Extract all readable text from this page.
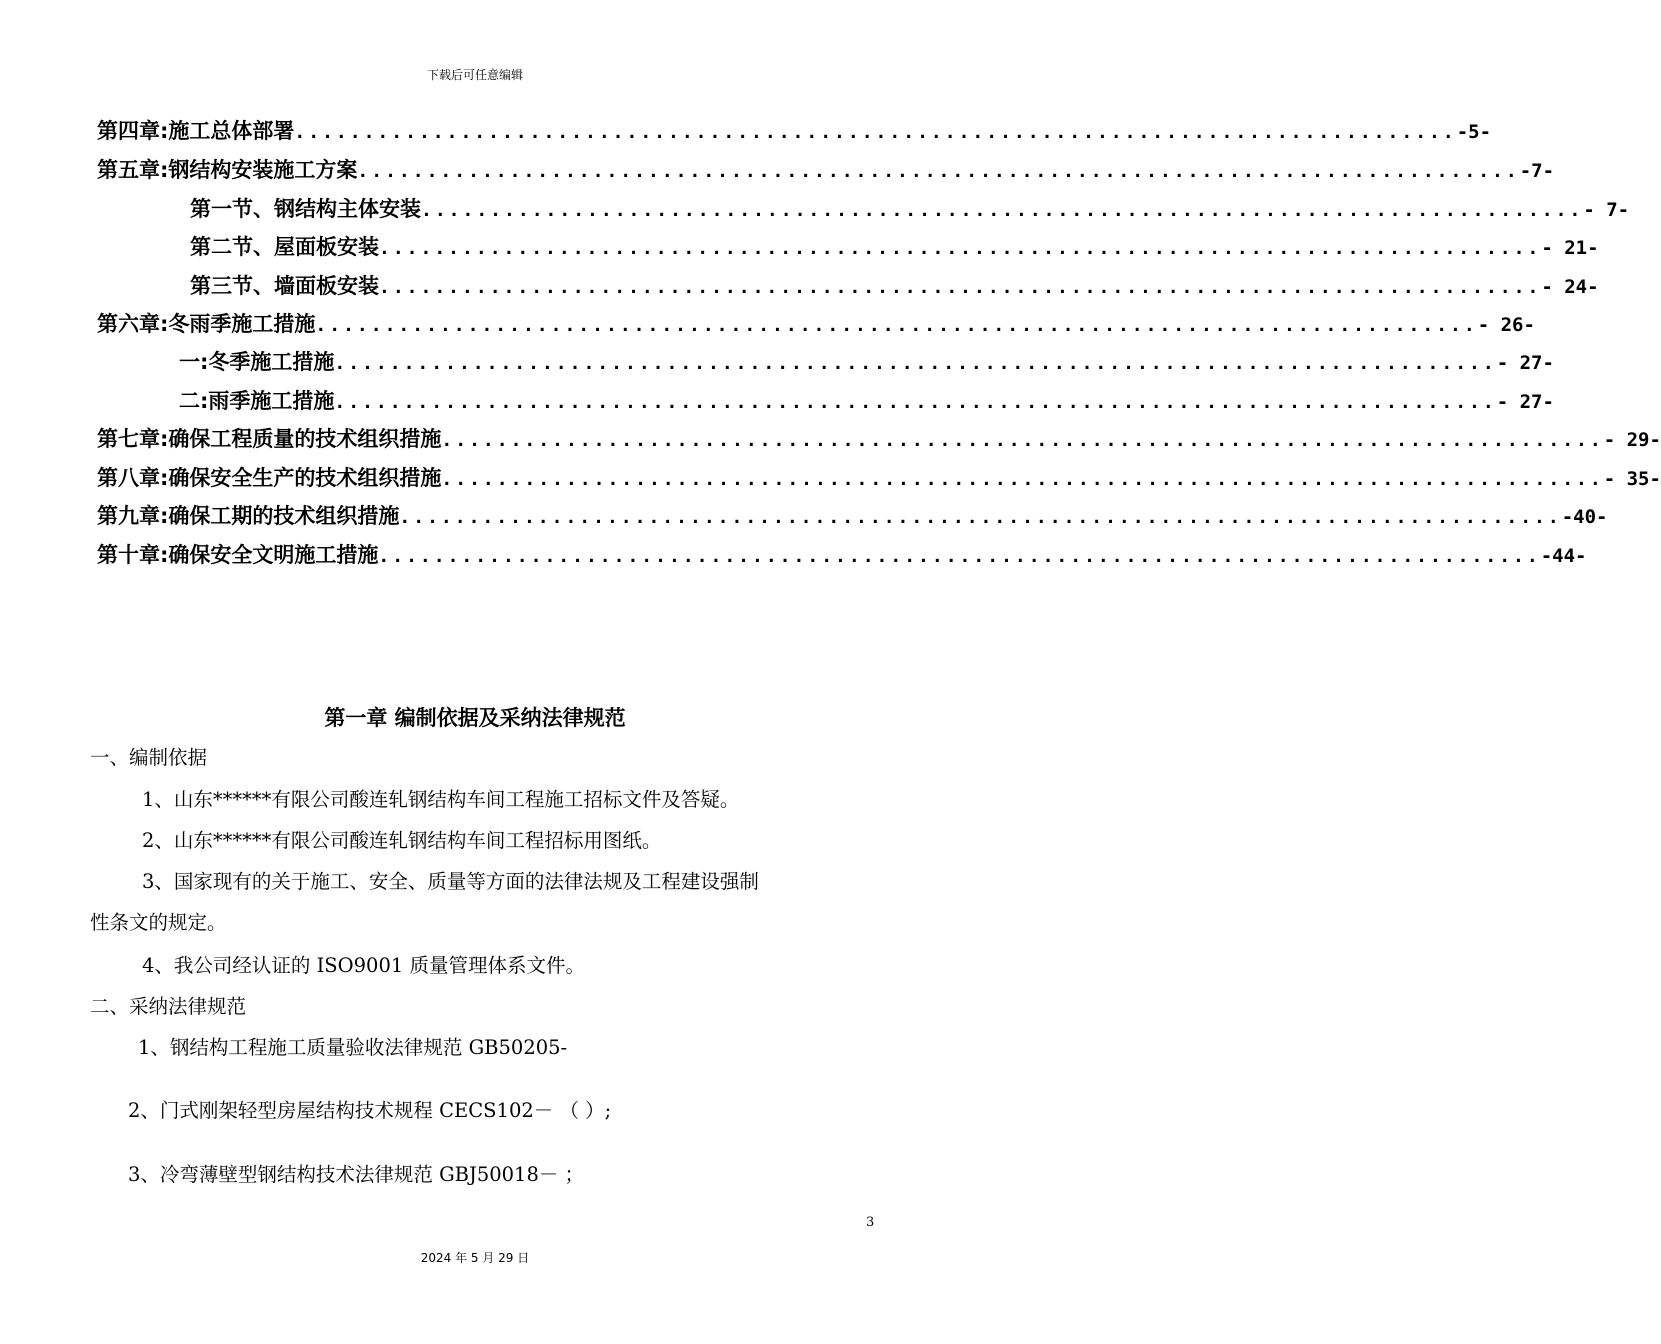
下载后可任意编辑
第四章:施工总体部署 .................................................................................... -5-
第五章:钢结构安装施工方案 .................................................................................... -7-
第一节、钢结构主体安装 .................................................................................... - 7-
第二节、屋面板安装 .................................................................................... - 21-
第三节、墙面板安装 .................................................................................... - 24-
第六章:冬雨季施工措施 .................................................................................... - 26-
一:冬季施工措施 .................................................................................... - 27-
二:雨季施工措施 .................................................................................... - 27-
第七章:确保工程质量的技术组织措施 .................................................................................... - 29-
第八章:确保安全生产的技术组织措施 .................................................................................... - 35-
第九章:确保工期的技术组织措施 .................................................................................... -40-
第十章:确保安全文明施工措施 .................................................................................... -44-
第一章 编制依据及采纳法律规范
一、编制依据
1、山东******有限公司酸连轧钢结构车间工程施工招标文件及答疑。
2、山东******有限公司酸连轧钢结构车间工程招标用图纸。
3、国家现有的关于施工、安全、质量等方面的法律法规及工程建设强制
性条文的规定。
4、我公司经认证的 ISO9001 质量管理体系文件。
二、采纳法律规范
1、钢结构工程施工质量验收法律规范 GB50205-
2、门式刚架轻型房屋结构技术规程 CECS102－ （ ）;
3、冷弯薄壁型钢结构技术法律规范 GBJ50018－ ；
3
2024 年 5 月 29 日
